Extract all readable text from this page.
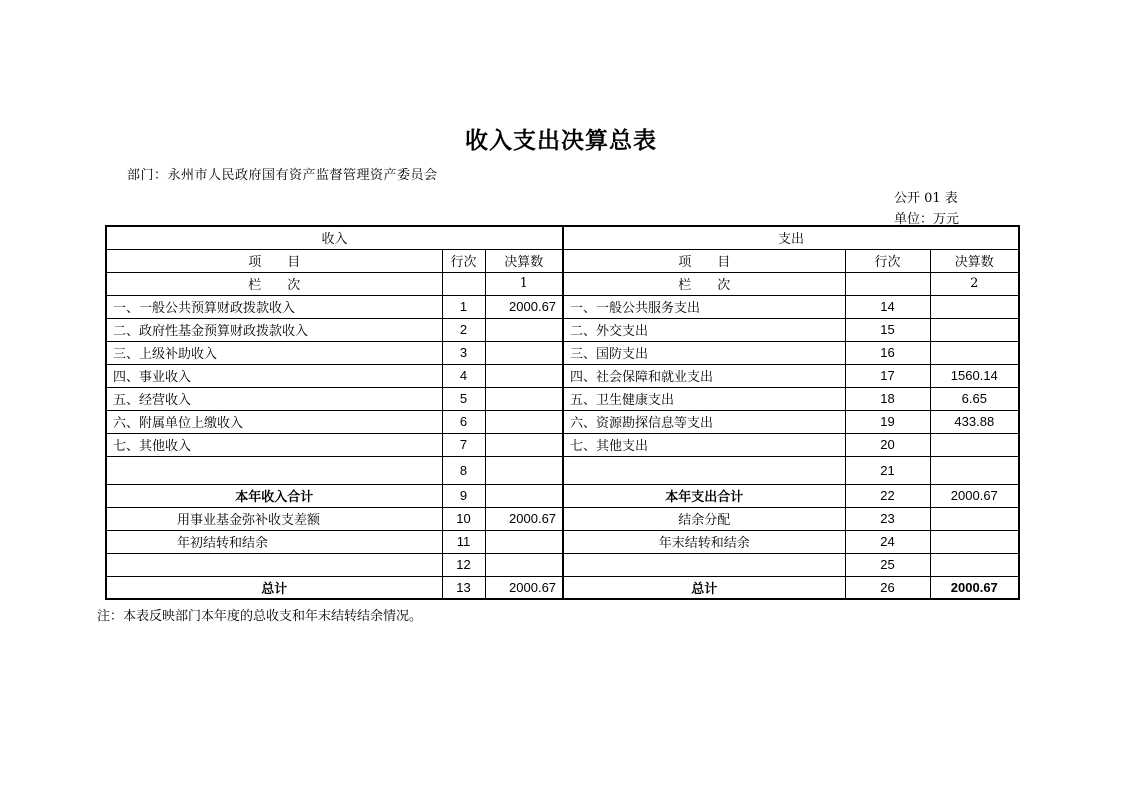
收入支出决算总表
部门：永州市人民政府国有资产监督管理资产委员会
公开 01 表
单位：万元
收入			支出		
项　　目	行次	决算数	项　　目	行次	决算数
栏　　次		1	栏　　次		2
一、一般公共预算财政拨款收入	1	2000.67	一、一般公共服务支出	14	
二、政府性基金预算财政拨款收入	2		二、外交支出	15	
三、上级补助收入	3		三、国防支出	16	
四、事业收入	4		四、社会保障和就业支出	17	1560.14
五、经营收入	5		五、卫生健康支出	18	6.65
六、附属单位上缴收入	6		六、资源勘探信息等支出	19	433.88
七、其他收入	7		七、其他支出	20	
	8			21	
本年收入合计	9		本年支出合计	22	2000.67
用事业基金弥补收支差额	10	2000.67	结余分配	23	
年初结转和结余	11		年末结转和结余	24	
	12			25	
总计	13	2000.67	总计	26	2000.67
注：本表反映部门本年度的总收支和年末结转结余情况。
